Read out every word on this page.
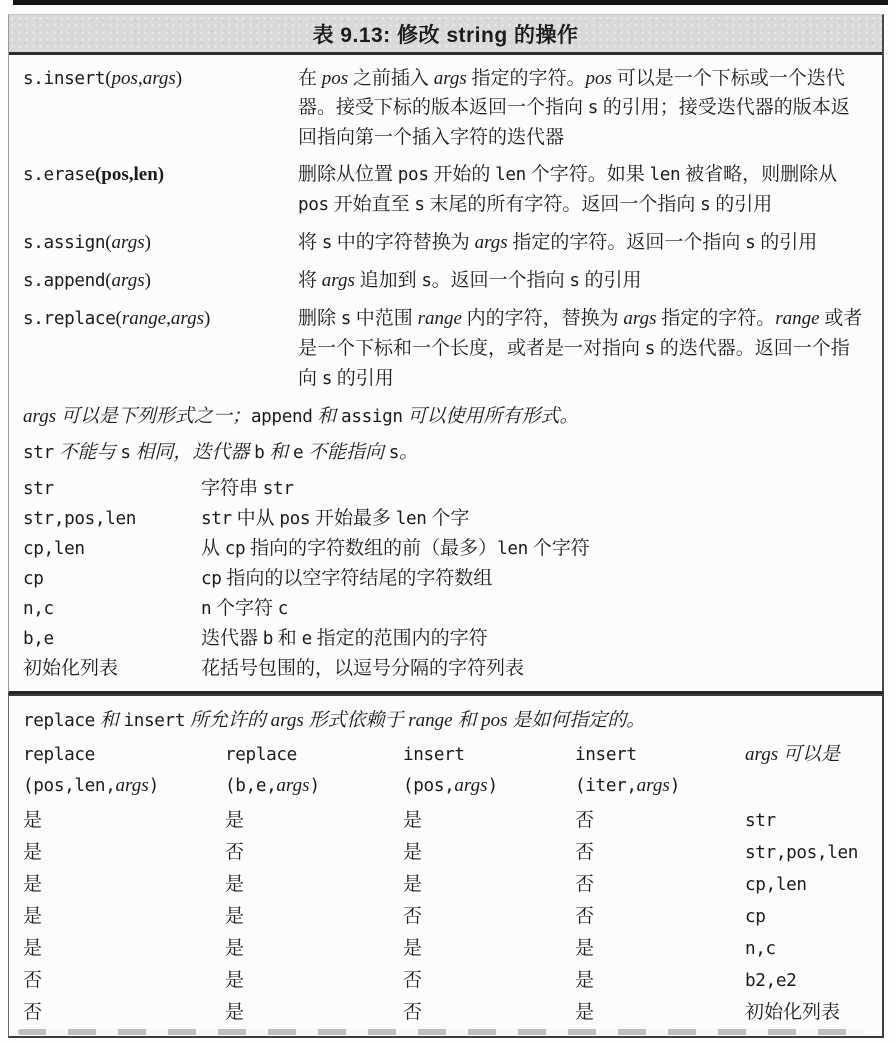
表 9.13: 修改 string 的操作
s.insert(pos,args)	在 pos 之前插入 args 指定的字符。pos 可以是一个下标或一个迭代器。接受下标的版本返回一个指向 s 的引用；接受迭代器的版本返回指向第一个插入字符的迭代器
s.erase(pos,len)	删除从位置 pos 开始的 len 个字符。如果 len 被省略，则删除从 pos 开始直至 s 末尾的所有字符。返回一个指向 s 的引用
s.assign(args)	将 s 中的字符替换为 args 指定的字符。返回一个指向 s 的引用
s.append(args)	将 args 追加到 s。返回一个指向 s 的引用
s.replace(range,args)	删除 s 中范围 range 内的字符，替换为 args 指定的字符。range 或者是一个下标和一个长度，或者是一对指向 s 的迭代器。返回一个指向 s 的引用
args 可以是下列形式之一；append 和 assign 可以使用所有形式。
str 不能与 s 相同，迭代器 b 和 e 不能指向 s。
str	字符串 str
str,pos,len	str 中从 pos 开始最多 len 个字
cp,len	从 cp 指向的字符数组的前（最多）len 个字符
cp	cp 指向的以空字符结尾的字符数组
n,c	n 个字符 c
b,e	迭代器 b 和 e 指定的范围内的字符
初始化列表	花括号包围的，以逗号分隔的字符列表
replace 和 insert 所允许的 args 形式依赖于 range 和 pos 是如何指定的。
replace	replace	insert	insert	args 可以是
(pos,len,args)	(b,e,args)	(pos,args)	(iter,args)
是	是	是	否	str
是	否	是	否	str,pos,len
是	是	是	否	cp,len
是	是	否	否	cp
是	是	是	是	n,c
否	是	否	是	b2,e2
否	是	否	是	初始化列表
